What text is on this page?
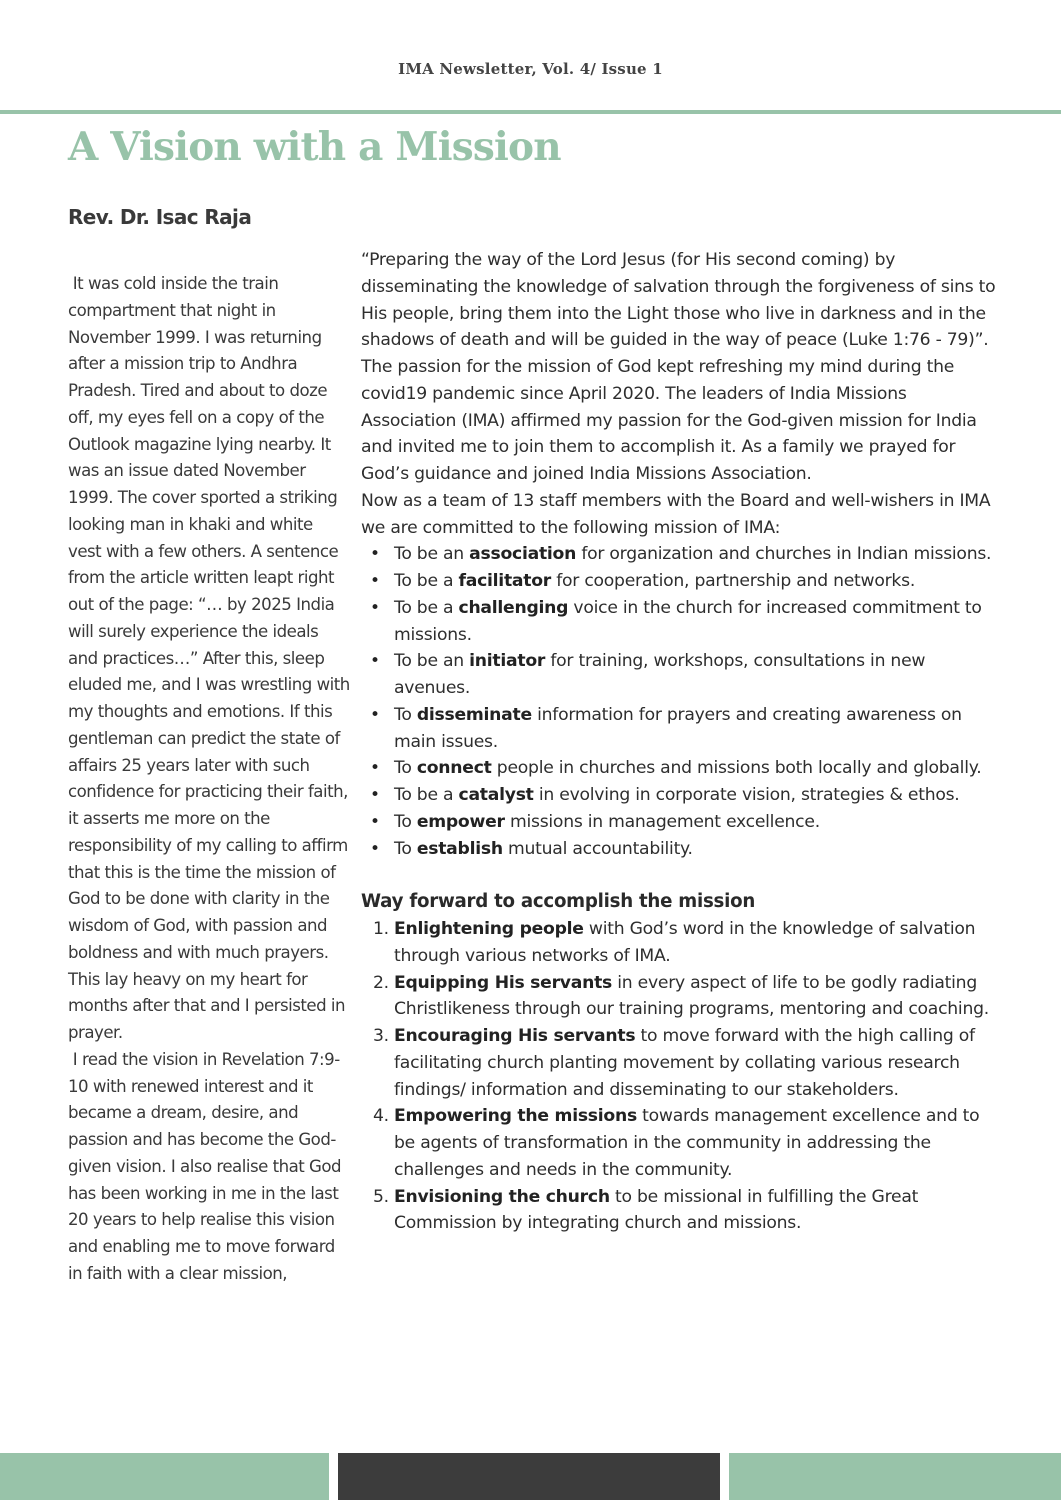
IMA Newsletter, Vol. 4/ Issue 1
A Vision with a Mission
Rev. Dr. Isac Raja

It was cold inside the train compartment that night in November 1999. I was returning after a mission trip to Andhra Pradesh. Tired and about to doze off, my eyes fell on a copy of the Outlook magazine lying nearby. It was an issue dated November 1999. The cover sported a striking looking man in khaki and white vest with a few others. A sentence from the article written leapt right out of the page: “… by 2025 India will surely experience the ideals and practices…” After this, sleep eluded me, and I was wrestling with my thoughts and emotions. If this gentleman can predict the state of affairs 25 years later with such confidence for practicing their faith, it asserts me more on the responsibility of my calling to affirm that this is the time the mission of God to be done with clarity in the wisdom of God, with passion and boldness and with much prayers. This lay heavy on my heart for months after that and I persisted in prayer.

I read the vision in Revelation 7:9-10 with renewed interest and it became a dream, desire, and passion and has become the God-given vision. I also realise that God has been working in me in the last 20 years to help realise this vision and enabling me to move forward in faith with a clear mission,

“Preparing the way of the Lord Jesus (for His second coming) by disseminating the knowledge of salvation through the forgiveness of sins to His people, bring them into the Light those who live in darkness and in the shadows of death and will be guided in the way of peace (Luke 1:76 - 79)”.

The passion for the mission of God kept refreshing my mind during the covid19 pandemic since April 2020. The leaders of India Missions Association (IMA) affirmed my passion for the God-given mission for India and invited me to join them to accomplish it. As a family we prayed for God’s guidance and joined India Missions Association.

Now as a team of 13 staff members with the Board and well-wishers in IMA we are committed to the following mission of IMA:

• To be an association for organization and churches in Indian missions.
• To be a facilitator for cooperation, partnership and networks.
• To be a challenging voice in the church for increased commitment to missions.
• To be an initiator for training, workshops, consultations in new avenues.
• To disseminate information for prayers and creating awareness on main issues.
• To connect people in churches and missions both locally and globally.
• To be a catalyst in evolving in corporate vision, strategies & ethos.
• To empower missions in management excellence.
• To establish mutual accountability.

Way forward to accomplish the mission

1. Enlightening people with God’s word in the knowledge of salvation through various networks of IMA.
2. Equipping His servants in every aspect of life to be godly radiating Christlikeness through our training programs, mentoring and coaching.
3. Encouraging His servants to move forward with the high calling of facilitating church planting movement by collating various research findings/ information and disseminating to our stakeholders.
4. Empowering the missions towards management excellence and to be agents of transformation in the community in addressing the challenges and needs in the community.
5. Envisioning the church to be missional in fulfilling the Great Commission by integrating church and missions.
